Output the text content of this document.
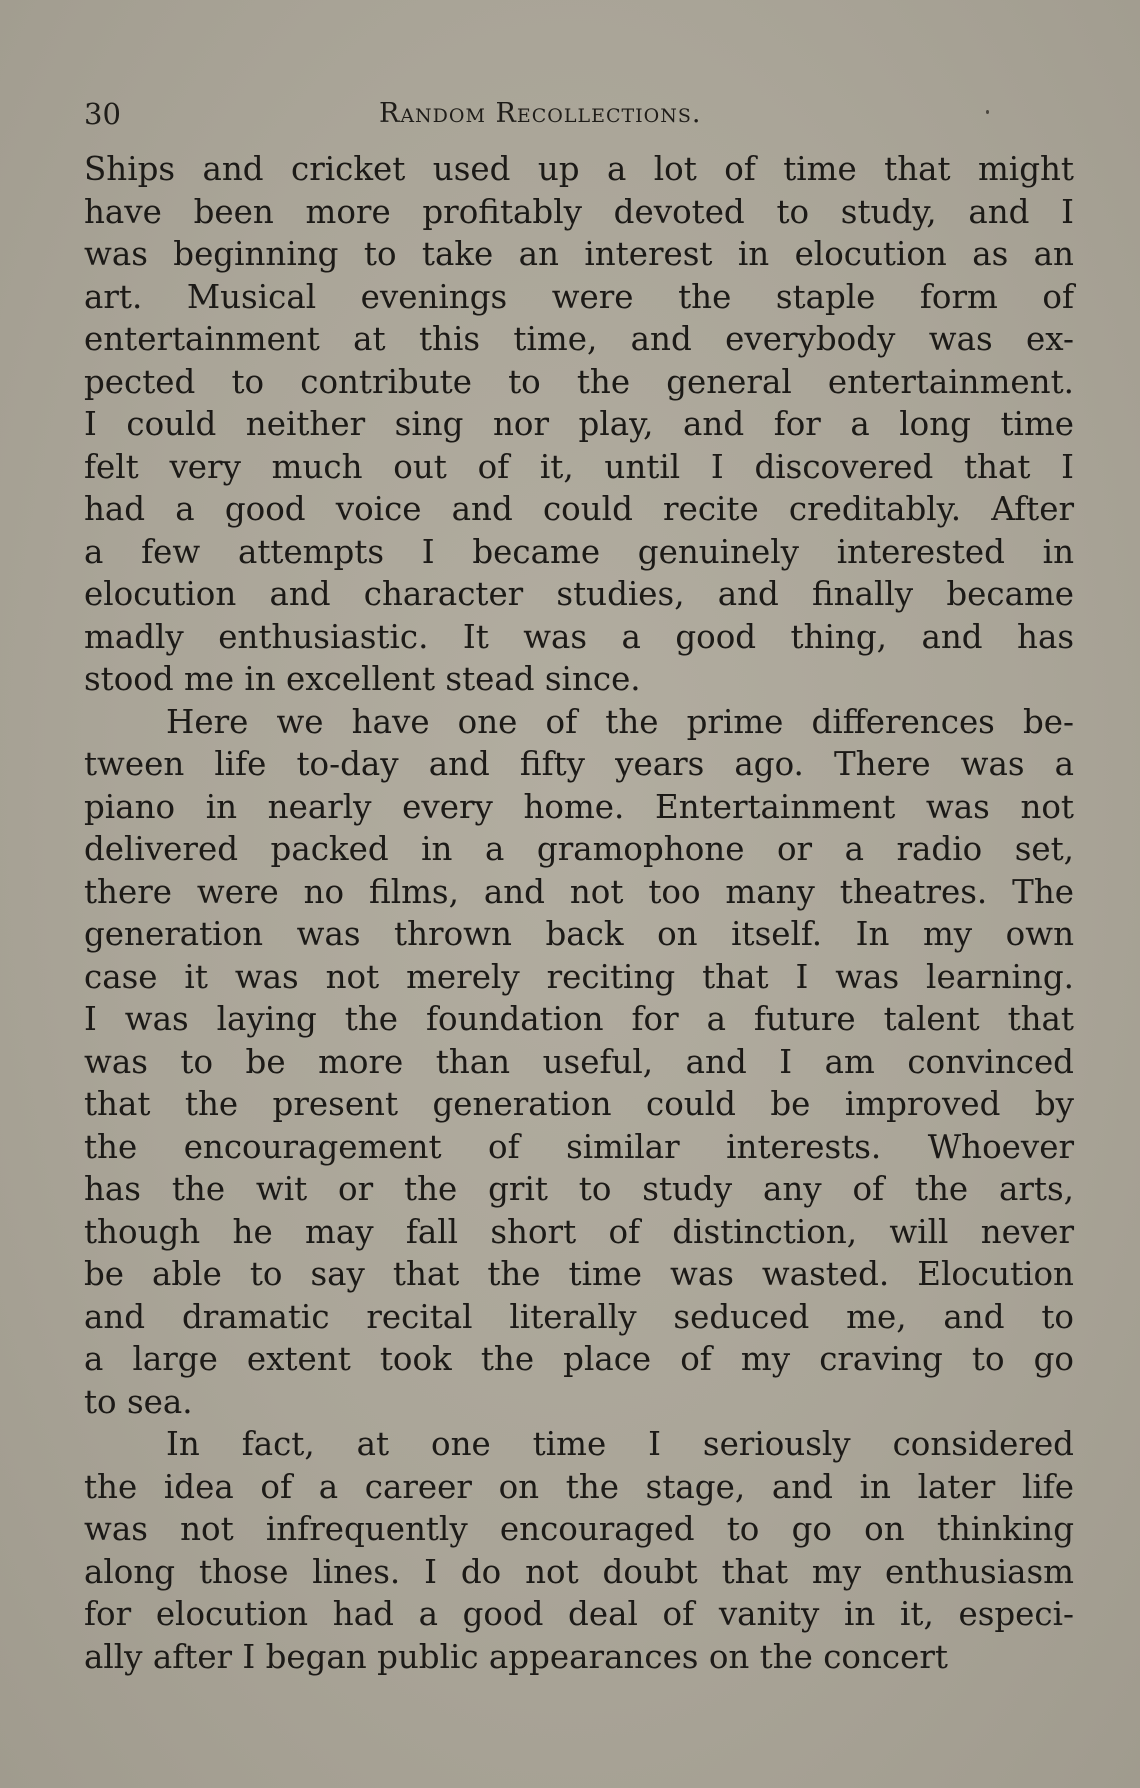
30	Random Recollections.
Ships and cricket used up a lot of time that might
have been more profitably devoted to study, and I
was beginning to take an interest in elocution as an
art. Musical evenings were the staple form of
entertainment at this time, and everybody was ex-
pected to contribute to the general entertainment.
I could neither sing nor play, and for a long time
felt very much out of it, until I discovered that I
had a good voice and could recite creditably. After
a few attempts I became genuinely interested in
elocution and character studies, and finally became
madly enthusiastic. It was a good thing, and has
stood me in excellent stead since.
Here we have one of the prime differences be-
tween life to-day and fifty years ago. There was a
piano in nearly every home. Entertainment was not
delivered packed in a gramophone or a radio set,
there were no films, and not too many theatres. The
generation was thrown back on itself. In my own
case it was not merely reciting that I was learning.
I was laying the foundation for a future talent that
was to be more than useful, and I am convinced
that the present generation could be improved by
the encouragement of similar interests. Whoever
has the wit or the grit to study any of the arts,
though he may fall short of distinction, will never
be able to say that the time was wasted. Elocution
and dramatic recital literally seduced me, and to
a large extent took the place of my craving to go
to sea.
In fact, at one time I seriously considered
the idea of a career on the stage, and in later life
was not infrequently encouraged to go on thinking
along those lines. I do not doubt that my enthusiasm
for elocution had a good deal of vanity in it, especi-
ally after I began public appearances on the concert
